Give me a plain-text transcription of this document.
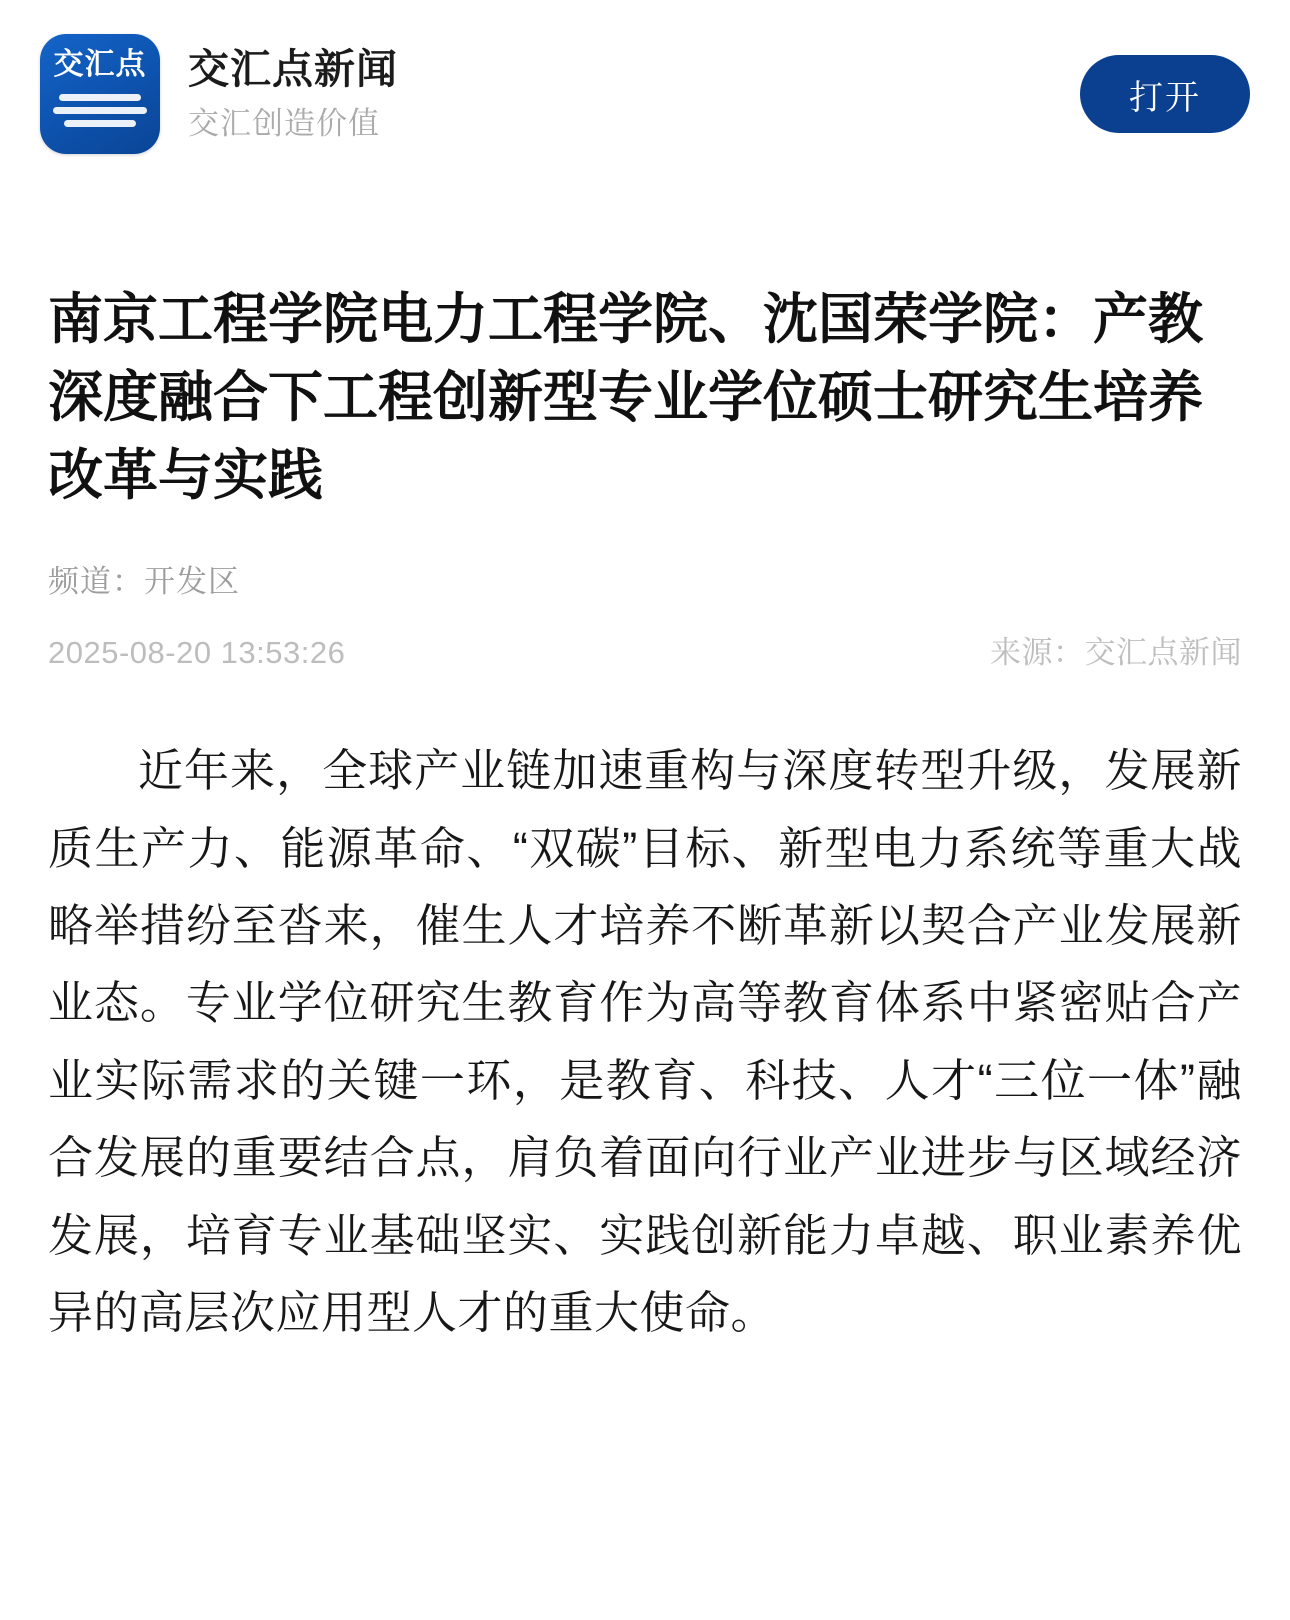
交汇点	交汇点新闻
交汇创造价值
打开
南京工程学院电力工程学院、沈国荣学院：产教深度融合下工程创新型专业学位硕士研究生培养改革与实践
频道：开发区
2025-08-20 13:53:26	来源：交汇点新闻

近年来，全球产业链加速重构与深度转型升级，发展新质生产力、能源革命、“双碳”目标、新型电力系统等重大战略举措纷至沓来，催生人才培养不断革新以契合产业发展新业态。专业学位研究生教育作为高等教育体系中紧密贴合产业实际需求的关键一环，是教育、科技、人才“三位一体”融合发展的重要结合点，肩负着面向行业产业进步与区域经济发展，培育专业基础坚实、实践创新能力卓越、职业素养优异的高层次应用型人才的重大使命。
